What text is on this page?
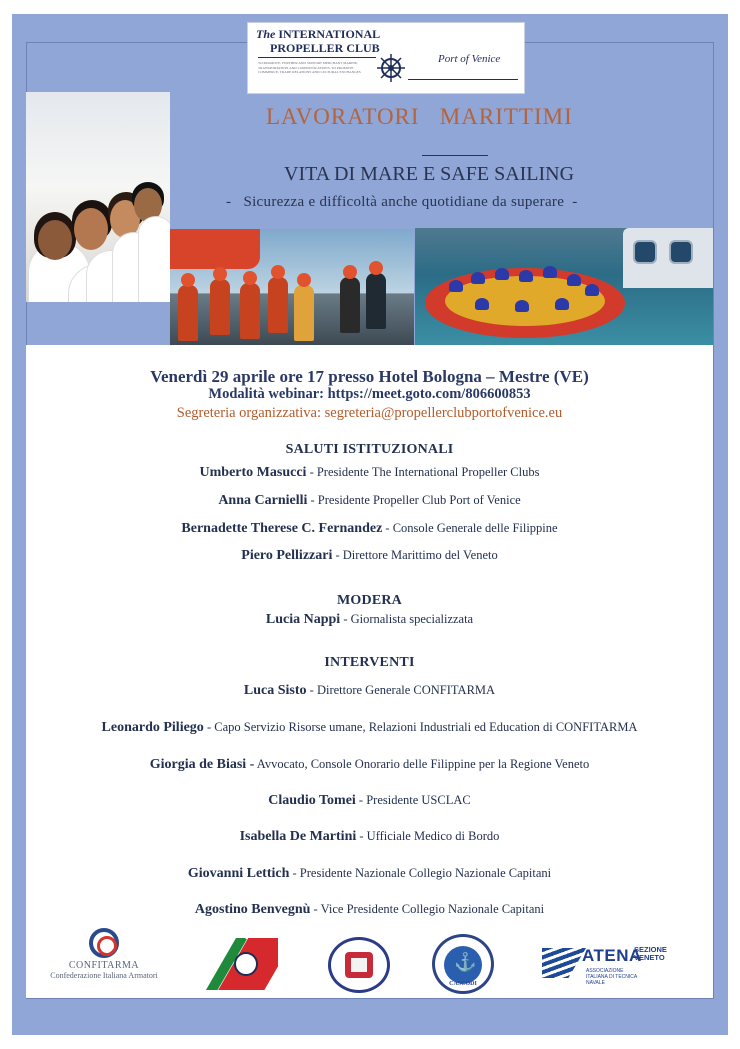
The INTERNATIONAL
PROPELLER CLUB
TO PROMOTE, FURTHER AND SUPPORT MERCHANT MARINE, TRANSPORTATION AND COMMUNICATIONS, TO PROMOTE COMMERCE, TRADE RELATIONS AND CULTURAL EXCHANGES
Port of Venice
LAVORATORI   MARITTIMI
VITA DI MARE E SAFE SAILING
-   Sicurezza e difficoltà anche quotidiane da superare  -
Venerdì 29 aprile ore 17 presso Hotel Bologna – Mestre (VE)
Modalità webinar: https://meet.goto.com/806600853
Segreteria organizzativa: segreteria@propellerclubportofvenice.eu
SALUTI ISTITUZIONALI
Umberto Masucci - Presidente The International Propeller Clubs
Anna Carnielli - Presidente Propeller Club Port of Venice
Bernadette Therese C. Fernandez - Console Generale delle Filippine
Piero Pellizzari - Direttore Marittimo del Veneto
MODERA
Lucia Nappi - Giornalista specializzata
INTERVENTI
Luca Sisto - Direttore Generale CONFITARMA
Leonardo Piliego - Capo Servizio Risorse umane, Relazioni Industriali ed Education di CONFITARMA
Giorgia de Biasi - Avvocato, Console Onorario delle Filippine per la Regione Veneto
Claudio Tomei - Presidente USCLAC
Isabella De Martini - Ufficiale Medico di Bordo
Giovanni Lettich - Presidente Nazionale Collegio Nazionale Capitani
Agostino Benvegnù - Vice Presidente Collegio Nazionale Capitani
CONFITARMA
Confederazione Italiana Armatori
⚓
CASCODI
ATENA
SEZIONE VENETO
ASSOCIAZIONE ITALIANA DI TECNICA NAVALE
